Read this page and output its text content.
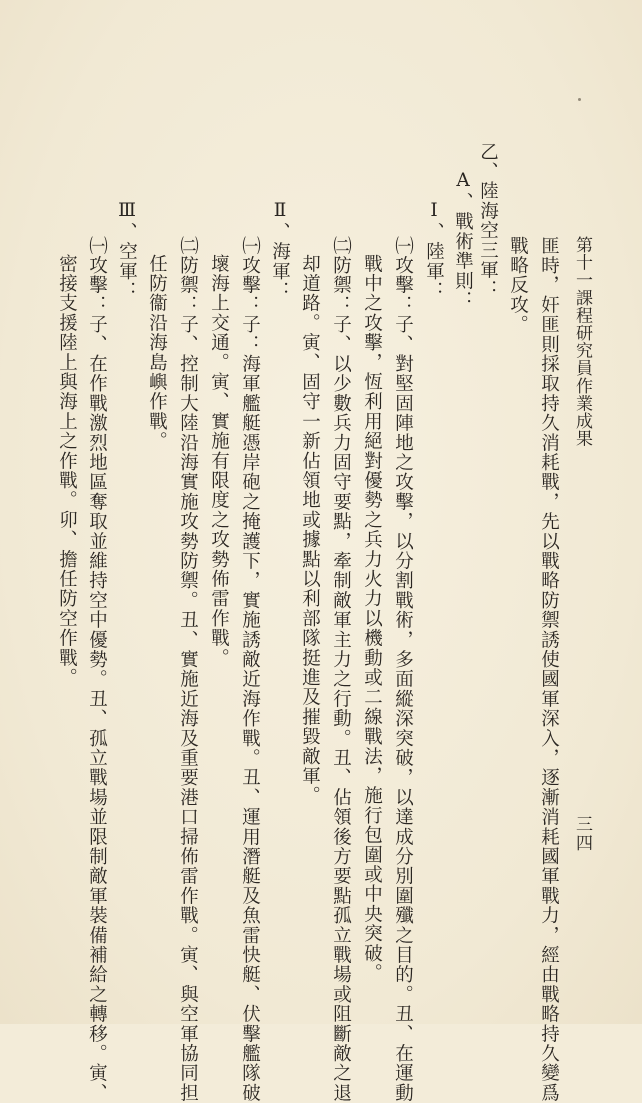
三四
第十一課程研究員作業成果
匪時，奸匪則採取持久消耗戰，先以戰略防禦誘使國軍深入，逐漸消耗國軍戰力，經由戰略持久變爲
戰略反攻。
乙、陸海空三軍：
A、戰術準則：
Ⅰ、陸軍：
㈠攻擊：子、對堅固陣地之攻擊，以分割戰術，多面縱深突破，以達成分別圍殲之目的。丑、在運動
戰中之攻擊，恆利用絕對優勢之兵力火力以機動或二線戰法，施行包圍或中央突破。
㈡防禦：子、以少數兵力固守要點，牽制敵軍主力之行動。丑、佔領後方要點孤立戰場或阻斷敵之退
却道路。寅、固守一新佔領地或據點以利部隊挺進及摧毀敵軍。
Ⅱ、海軍：
㈠攻擊：子：海軍艦艇憑岸砲之掩護下，實施誘敵近海作戰。丑、運用潛艇及魚雷快艇、伏擊艦隊破
壞海上交通。寅、實施有限度之攻勢佈雷作戰。
㈡防禦：子、控制大陸沿海實施攻勢防禦。丑、實施近海及重要港口掃佈雷作戰。寅、與空軍協同担
任防衞沿海島嶼作戰。
Ⅲ、空軍：
㈠攻擊：子、在作戰激烈地區奪取並維持空中優勢。丑、孤立戰場並限制敵軍裝備補給之轉移。寅、
密接支援陸上與海上之作戰。卯、擔任防空作戰。
